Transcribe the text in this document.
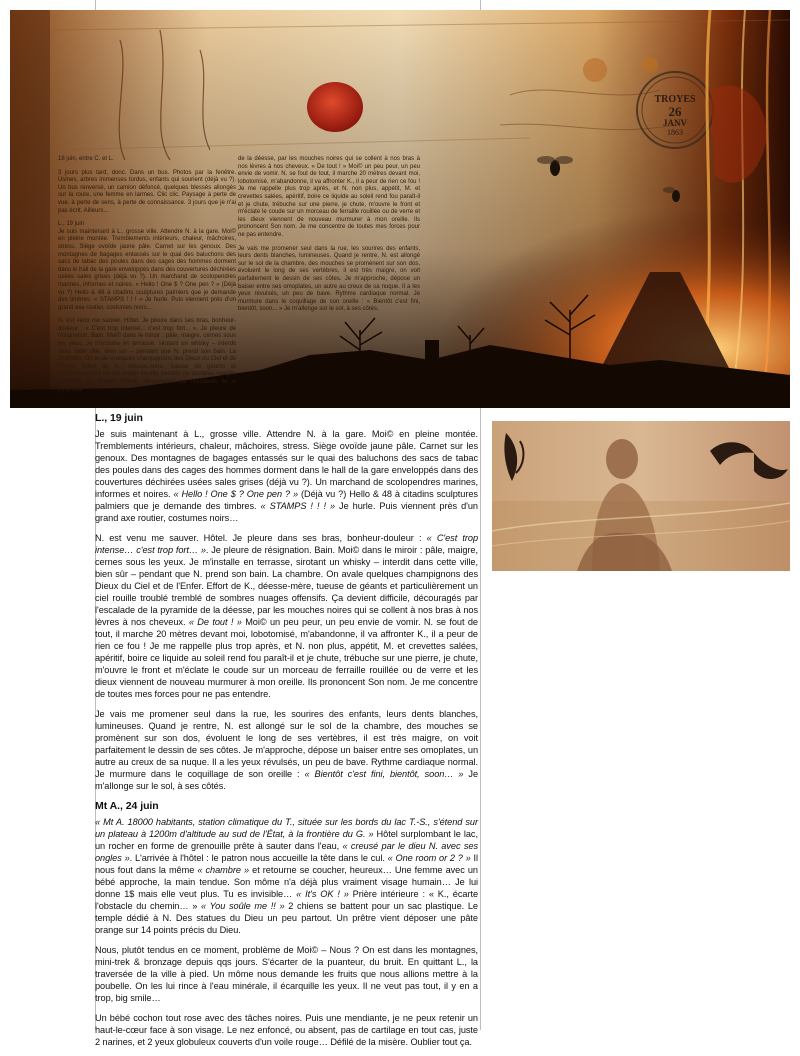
TROYES
26
JANV
1863

18 juin, entre C. et L.

3 jours plus tard, donc. Dans un bus. Photos par la fenêtre. Usines, arbres immenses tordus, enfants qui sourient (déjà vu ?). Un bus renversé, un camion défoncé, quelques blessés allongés sur la route, une femme en larmes. Clic clic. Paysage à perte de vue, à perte de sens, à perte de connaissance. 3 jours que je n'ai pas écrit. Ailleurs...

L., 19 juin

Je suis maintenant à L., grosse ville. Attendre N. à la gare. Moi© en pleine montée. Tremblements intérieurs, chaleur, mâchoires, stress. Siège ovoïde jaune pâle. Carnet sur les genoux. Des montagnes de bagages entassés sur le quai des baluchons des sacs de tabac des poules dans des cages des hommes dorment dans le hall de la gare enveloppés dans des couvertures déchirées usées sales grises (déjà vu ?). Un marchand de scolopendres marines, informes et noires. « Hello ! One $ ? One pen ? » (Déjà vu ?) Hello & 48 à citadins sculptures palmiers que je demande des timbres. « STAMPS ! ! ! » Je hurle. Puis viennent près d'un grand axe routier, costumes noirs...

N. est venu me sauver. Hôtel. Je pleure dans ses bras, bonheur-douleur : « C'est trop intense... c'est trop fort... ». Je pleure de résignation. Bain. Moi© dans le miroir : pâle, maigre, cernes sous les yeux. Je m'installe en terrasse, sirotant un whisky – interdit dans cette ville, bien sûr – pendant que N. prend son bain. La chambre. On avale quelques champignons des Dieux du Ciel et de l'Enfer. Effort de K., déesse-mère, tueuse de géants et particulièrement un ciel rouille troublé tremblé de sombres nuages offensifs. Ça devient difficile, découragés par l'escalade de la pyramide

de la déesse, par les mouches noires qui se collent à nos bras à nos lèvres à nos cheveux. « De tout ! » Moi© un peu peur, un peu envie de vomir. N. se fout de tout, il marche 20 mètres devant moi, lobotomisé, m'abandonne, il va affronter K., il a peur de rien ce fou ! Je me rappelle plus trop après, et N. non plus, appétit, M. et crevettes salées, apéritif, boire ce liquide au soleil rend fou paraît-il et je chute, trébuche sur une pierre, je chute, m'ouvre le front et m'éclate le coude sur un morceau de ferraille rouillée ou de verre et les dieux viennent de nouveau murmurer à mon oreille. Ils prononcent Son nom. Je me concentre de toutes mes forces pour ne pas entendre.

Je vais me promener seul dans la rue, les sourires des enfants, leurs dents blanches, lumineuses. Quand je rentre, N. est allongé sur le sol de la chambre, des mouches se promènent sur son dos, évoluent le long de ses vertèbres, il est très maigre, on voit parfaitement le dessin de ses côtes. Je m'approche, dépose un baiser entre ses omoplates, un autre au creux de sa nuque. Il a les yeux révulsés, un peu de bave. Rythme cardiaque normal. Je murmure dans le coquillage de son oreille : « Bientôt c'est fini, bientôt, soon... » Je m'allonge sur le sol, à ses côtés.

L., 19 juin

Je suis maintenant à L., grosse ville. Attendre N. à la gare. Moi© en pleine montée. Tremblements intérieurs, chaleur, mâchoires, stress. Siège ovoïde jaune pâle. Carnet sur les genoux. Des montagnes de bagages entassés sur le quai des baluchons des sacs de tabac des poules dans des cages des hommes dorment dans le hall de la gare enveloppés dans des couvertures déchirées usées sales grises (déjà vu ?). Un marchand de scolopendres marines, informes et noires. « Hello ! One $ ? One pen ? » (Déjà vu ?) Hello & 48 à citadins sculptures palmiers que je demande des timbres. « STAMPS ! ! ! » Je hurle. Puis viennent près d'un grand axe routier, costumes noirs…

N. est venu me sauver. Hôtel. Je pleure dans ses bras, bonheur-douleur : « C'est trop intense… c'est trop fort… ». Je pleure de résignation. Bain. Moi© dans le miroir : pâle, maigre, cernes sous les yeux. Je m'installe en terrasse, sirotant un whisky – interdit dans cette ville, bien sûr – pendant que N. prend son bain. La chambre. On avale quelques champignons des Dieux du Ciel et de l'Enfer. Effort de K., déesse-mère, tueuse de géants et particulièrement un ciel rouille troublé tremblé de sombres nuages offensifs. Ça devient difficile, découragés par l'escalade de la pyramide de la déesse, par les mouches noires qui se collent à nos bras à nos lèvres à nos cheveux. « De tout ! » Moi© un peu peur, un peu envie de vomir. N. se fout de tout, il marche 20 mètres devant moi, lobotomisé, m'abandonne, il va affronter K., il a peur de rien ce fou ! Je me rappelle plus trop après, et N. non plus, appétit, M. et crevettes salées, apéritif, boire ce liquide au soleil rend fou paraît-il et je chute, trébuche sur une pierre, je chute, m'ouvre le front et m'éclate le coude sur un morceau de ferraille rouillée ou de verre et les dieux viennent de nouveau murmurer à mon oreille. Ils prononcent Son nom. Je me concentre de toutes mes forces pour ne pas entendre.

Je vais me promener seul dans la rue, les sourires des enfants, leurs dents blanches, lumineuses. Quand je rentre, N. est allongé sur le sol de la chambre, des mouches se promènent sur son dos, évoluent le long de ses vertèbres, il est très maigre, on voit parfaitement le dessin de ses côtes. Je m'approche, dépose un baiser entre ses omoplates, un autre au creux de sa nuque. Il a les yeux révulsés, un peu de bave. Rythme cardiaque normal. Je murmure dans le coquillage de son oreille : « Bientôt c'est fini, bientôt, soon… » Je m'allonge sur le sol, à ses côtés.

Mt A., 24 juin

« Mt A. 18000 habitants, station climatique du T., située sur les bords du lac T.-S., s'étend sur un plateau à 1200m d'altitude au sud de l'État, à la frontière du G. » Hôtel surplombant le lac, un rocher en forme de grenouille prête à sauter dans l'eau, « creusé par le dieu N. avec ses ongles ». L'arrivée à l'hôtel : le patron nous accueille la tête dans le cul. « One room or 2 ? » Il nous fout dans la même « chambre » et retourne se coucher, heureux… Une femme avec un bébé approche, la main tendue. Son môme n'a déjà plus vraiment visage humain… Je lui donne 1$ mais elle veut plus. Tu es invisible… « It's OK ! » Prière intérieure : « K., écarte l'obstacle du chemin… » « You soûle me !! » 2 chiens se battent pour un sac plastique. Le temple dédié à N. Des statues du Dieu un peu partout. Un prêtre vient déposer une pâte orange sur 14 points précis du Dieu.

Nous, plutôt tendus en ce moment, problème de Moi© – Nous ? On est dans les montagnes, mini-trek & bronzage depuis qqs jours. S'écarter de la puanteur, du bruit. En quittant L., la traversée de la ville à pied. Un môme nous demande les fruits que nous allions mettre à la poubelle. On les lui rince à l'eau minérale, il écarquille les yeux. Il ne veut pas tout, il y en a trop, big smile…

Un bébé cochon tout rose avec des tâches noires. Puis une mendiante, je ne peux retenir un haut-le-cœur face à son visage. Le nez enfoncé, ou absent, pas de cartilage en tout cas, juste 2 narines, et 2 yeux globuleux couverts d'un voile rouge… Défilé de la misère. Oublier tout ça.
